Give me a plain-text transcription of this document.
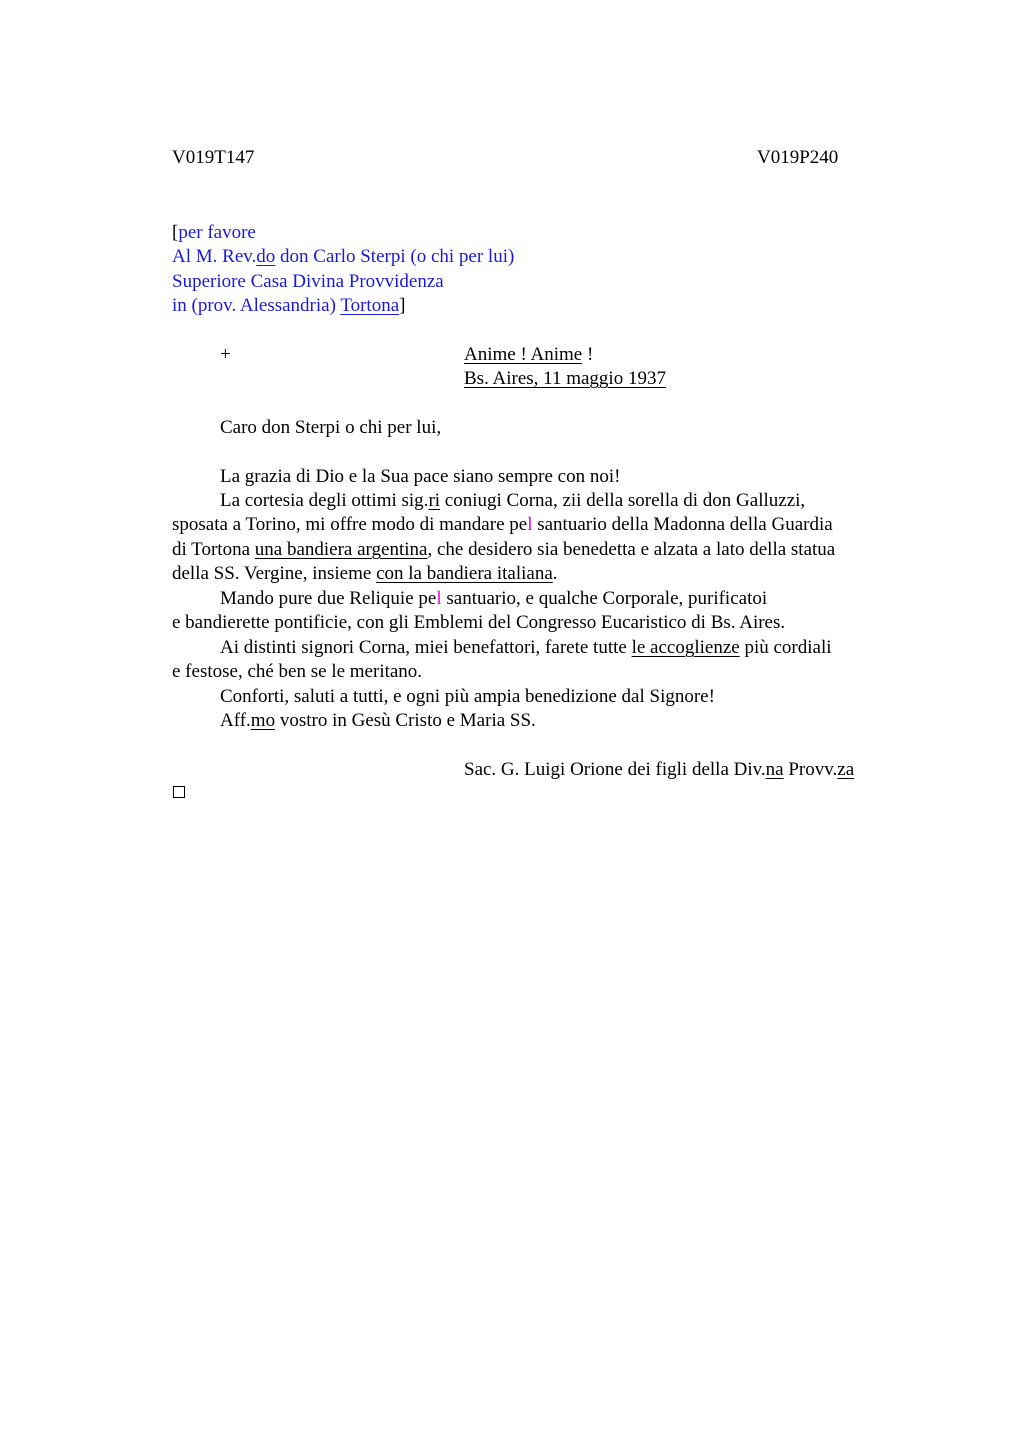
V019T147	V019P240
[per favore
Al M. Rev.do don Carlo Sterpi (o chi per lui)
Superiore Casa Divina Provvidenza
in (prov. Alessandria) Tortona]
+	Anime ! Anime !
Bs. Aires, 11 maggio 1937
Caro don Sterpi o chi per lui,
La grazia di Dio e la Sua pace siano sempre con noi!
La cortesia degli ottimi sig.ri coniugi Corna, zii della sorella di don Galluzzi,
sposata a Torino, mi offre modo di mandare pel santuario della Madonna della Guardia
di Tortona una bandiera argentina, che desidero sia benedetta e alzata a lato della statua
della SS. Vergine, insieme con la bandiera italiana.
Mando pure due Reliquie pel santuario, e qualche Corporale, purificatoi
e bandierette pontificie, con gli Emblemi del Congresso Eucaristico di Bs. Aires.
Ai distinti signori Corna, miei benefattori, farete tutte le accoglienze più cordiali
e festose, ché ben se le meritano.
Conforti, saluti a tutti, e ogni più ampia benedizione dal Signore!
Aff.mo vostro in Gesù Cristo e Maria SS.
Sac. G. Luigi Orione dei figli della Div.na Provv.za
